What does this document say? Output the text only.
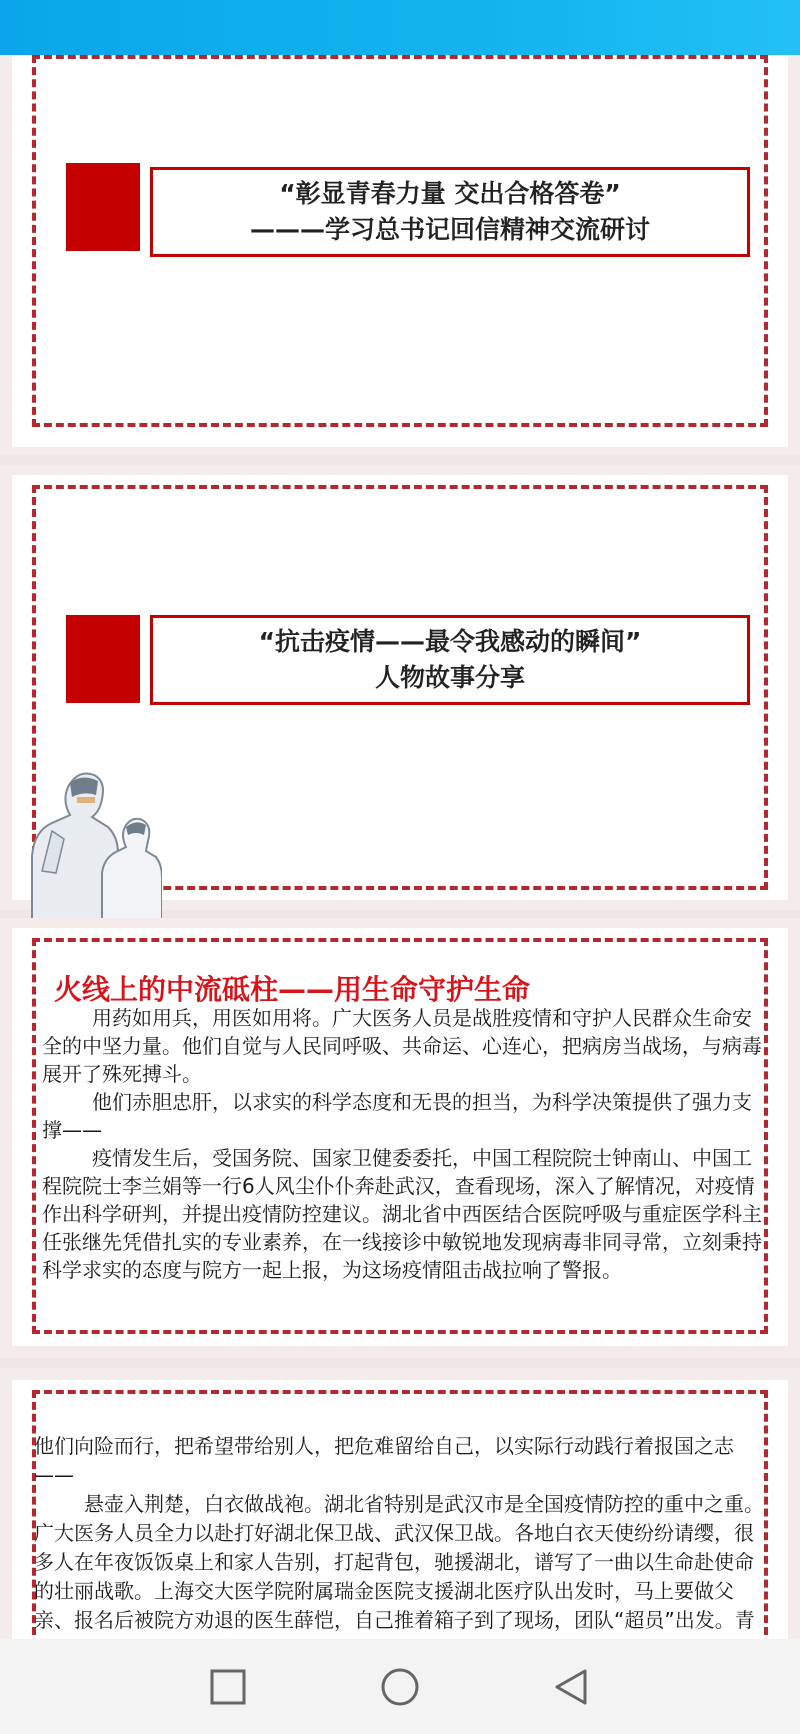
“彰显青春力量 交出合格答卷”
———学习总书记回信精神交流研讨
“抗击疫情——最令我感动的瞬间”
人物故事分享
火线上的中流砥柱——用生命守护生命

用药如用兵，用医如用将。广大医务人员是战胜疫情和守护人民群众生命安全的中坚力量。他们自觉与人民同呼吸、共命运、心连心，把病房当战场，与病毒展开了殊死搏斗。

他们赤胆忠肝，以求实的科学态度和无畏的担当，为科学决策提供了强力支撑——

疫情发生后，受国务院、国家卫健委委托，中国工程院院士钟南山、中国工程院院士李兰娟等一行6人风尘仆仆奔赴武汉，查看现场，深入了解情况，对疫情作出科学研判，并提出疫情防控建议。湖北省中西医结合医院呼吸与重症医学科主任张继先凭借扎实的专业素养，在一线接诊中敏锐地发现病毒非同寻常，立刻秉持科学求实的态度与院方一起上报，为这场疫情阻击战拉响了警报。

他们向险而行，把希望带给别人，把危难留给自己，以实际行动践行着报国之志——

悬壶入荆楚，白衣做战袍。湖北省特别是武汉市是全国疫情防控的重中之重。广大医务人员全力以赴打好湖北保卫战、武汉保卫战。各地白衣天使纷纷请缨，很多人在年夜饭饭桌上和家人告别，打起背包，驰援湖北，谱写了一曲以生命赴使命的壮丽战歌。上海交大医学院附属瑞金医院支援湖北医疗队出发时，马上要做父亲、报名后被院方劝退的医生薛恺，自己推着箱子到了现场，团队“超员”出发。青
